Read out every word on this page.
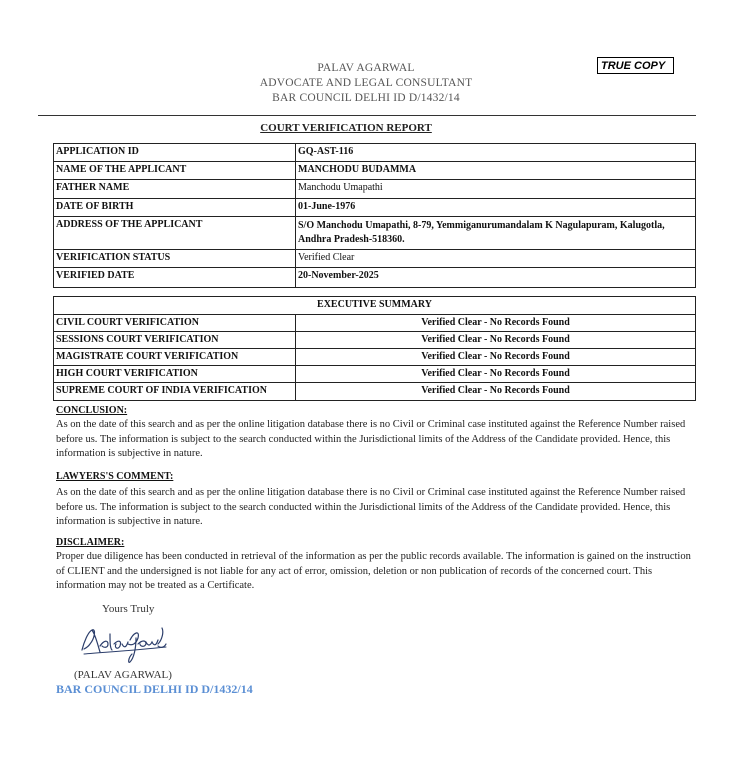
PALAV AGARWAL
ADVOCATE AND LEGAL CONSULTANT
BAR COUNCIL DELHI ID D/1432/14
TRUE COPY
COURT VERIFICATION REPORT
APPLICATION ID	GQ-AST-116
NAME OF THE APPLICANT	MANCHODU BUDAMMA
FATHER NAME	Manchodu Umapathi
DATE OF BIRTH	01-June-1976
ADDRESS OF THE APPLICANT	S/O Manchodu Umapathi, 8-79, Yemmiganurumandalam K Nagulapuram, Kalugotla, Andhra Pradesh-518360.
VERIFICATION STATUS	Verified Clear
VERIFIED DATE	20-November-2025
EXECUTIVE SUMMARY	
CIVIL COURT VERIFICATION	Verified Clear - No Records Found
SESSIONS COURT VERIFICATION	Verified Clear - No Records Found
MAGISTRATE COURT VERIFICATION	Verified Clear - No Records Found
HIGH COURT VERIFICATION	Verified Clear - No Records Found
SUPREME COURT OF INDIA VERIFICATION	Verified Clear - No Records Found
CONCLUSION:
As on the date of this search and as per the online litigation database there is no Civil or Criminal case instituted against the Reference Number raised before us. The information is subject to the search conducted within the Jurisdictional limits of the Address of the Candidate provided. Hence, this information is subjective in nature.
LAWYERS'S COMMENT:
As on the date of this search and as per the online litigation database there is no Civil or Criminal case instituted against the Reference Number raised before us. The information is subject to the search conducted within the Jurisdictional limits of the Address of the Candidate provided. Hence, this information is subjective in nature.
DISCLAIMER:
Proper due diligence has been conducted in retrieval of the information as per the public records available. The information is gained on the instruction of CLIENT and the undersigned is not liable for any act of error, omission, deletion or non publication of records of the concerned court. This information may not be treated as a Certificate.
Yours Truly
(PALAV AGARWAL)
BAR COUNCIL DELHI ID D/1432/14
